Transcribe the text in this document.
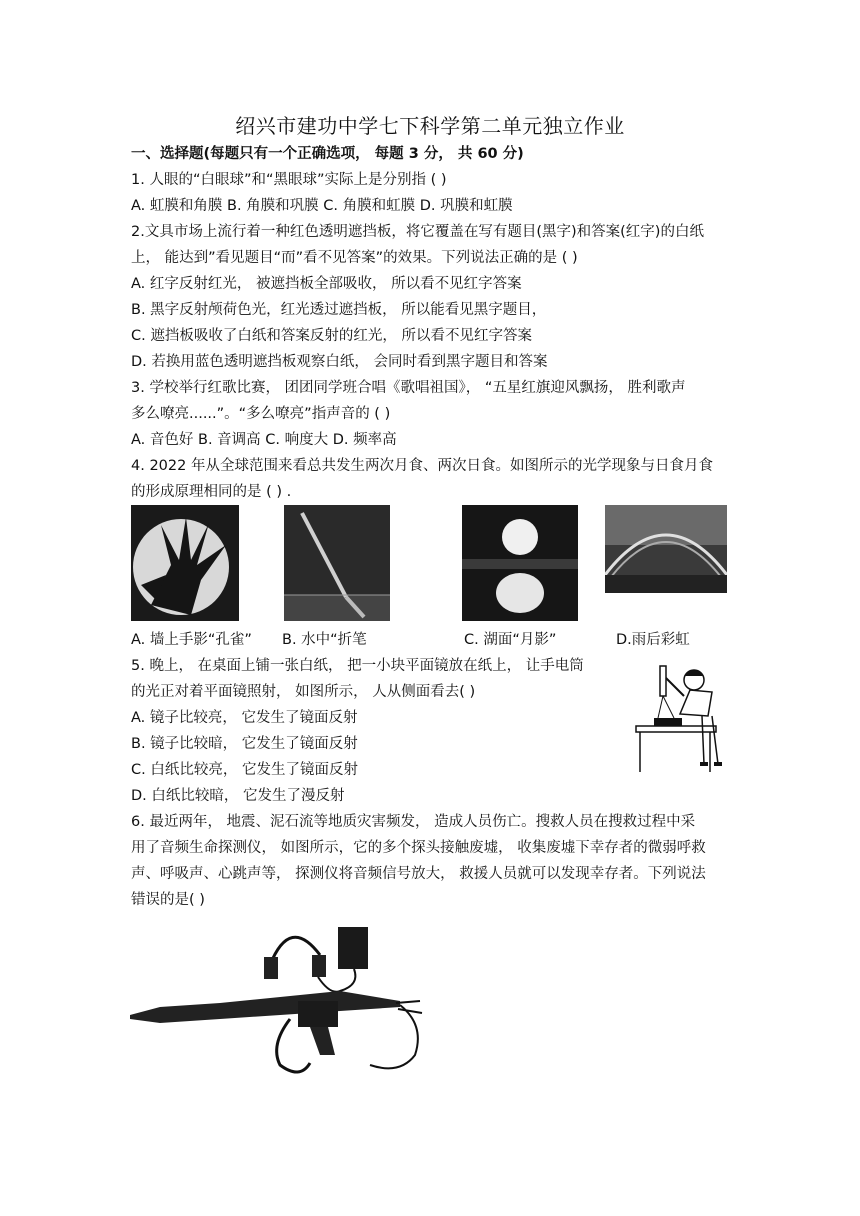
绍兴市建功中学七下科学第二单元独立作业
一、选择题(每题只有一个正确选项， 每题 3 分， 共 60 分)
1. 人眼的“白眼球”和“黑眼球”实际上是分别指 ( )
A. 虹膜和角膜 B. 角膜和巩膜 C. 角膜和虹膜 D. 巩膜和虹膜
2.文具市场上流行着一种红色透明遮挡板，将它覆盖在写有题目(黑字)和答案(红字)的白纸
上， 能达到”看见题目“而”看不见答案”的效果。下列说法正确的是 ( )
A. 红字反射红光， 被遮挡板全部吸收， 所以看不见红字答案
B. 黑字反射颅荷色光，红光透过遮挡板， 所以能看见黑字题目，
C. 遮挡板吸收了白纸和答案反射的红光， 所以看不见红字答案
D. 若换用蓝色透明遮挡板观察白纸， 会同时看到黑字题目和答案
3. 学校举行红歌比赛， 团团同学班合唱《歌唱祖国》， “五星红旗迎风飘扬， 胜利歌声
多么嘹亮......”。“多么嘹亮”指声音的 ( )
A. 音色好 B. 音调高 C. 响度大 D. 频率高
4. 2022 年从全球范围来看总共发生两次月食、两次日食。如图所示的光学现象与日食月食
的形成原理相同的是 ( ) .
A. 墙上手影“孔雀” B. 水中“折笔	C. 湖面“月影”	D.雨后彩虹
5. 晚上， 在桌面上铺一张白纸， 把一小块平面镜放在纸上， 让手电筒
的光正对着平面镜照射， 如图所示， 人从侧面看去( )
A. 镜子比较亮， 它发生了镜面反射
B. 镜子比较暗， 它发生了镜面反射
C. 白纸比较亮， 它发生了镜面反射
D. 白纸比较暗， 它发生了漫反射
6. 最近两年， 地震、泥石流等地质灾害频发， 造成人员伤亡。搜救人员在搜救过程中采
用了音频生命探测仪， 如图所示，它的多个探头接触废墟， 收集废墟下幸存者的微弱呼救
声、呼吸声、心跳声等， 探测仪将音频信号放大， 救援人员就可以发现幸存者。下列说法
错误的是( )
